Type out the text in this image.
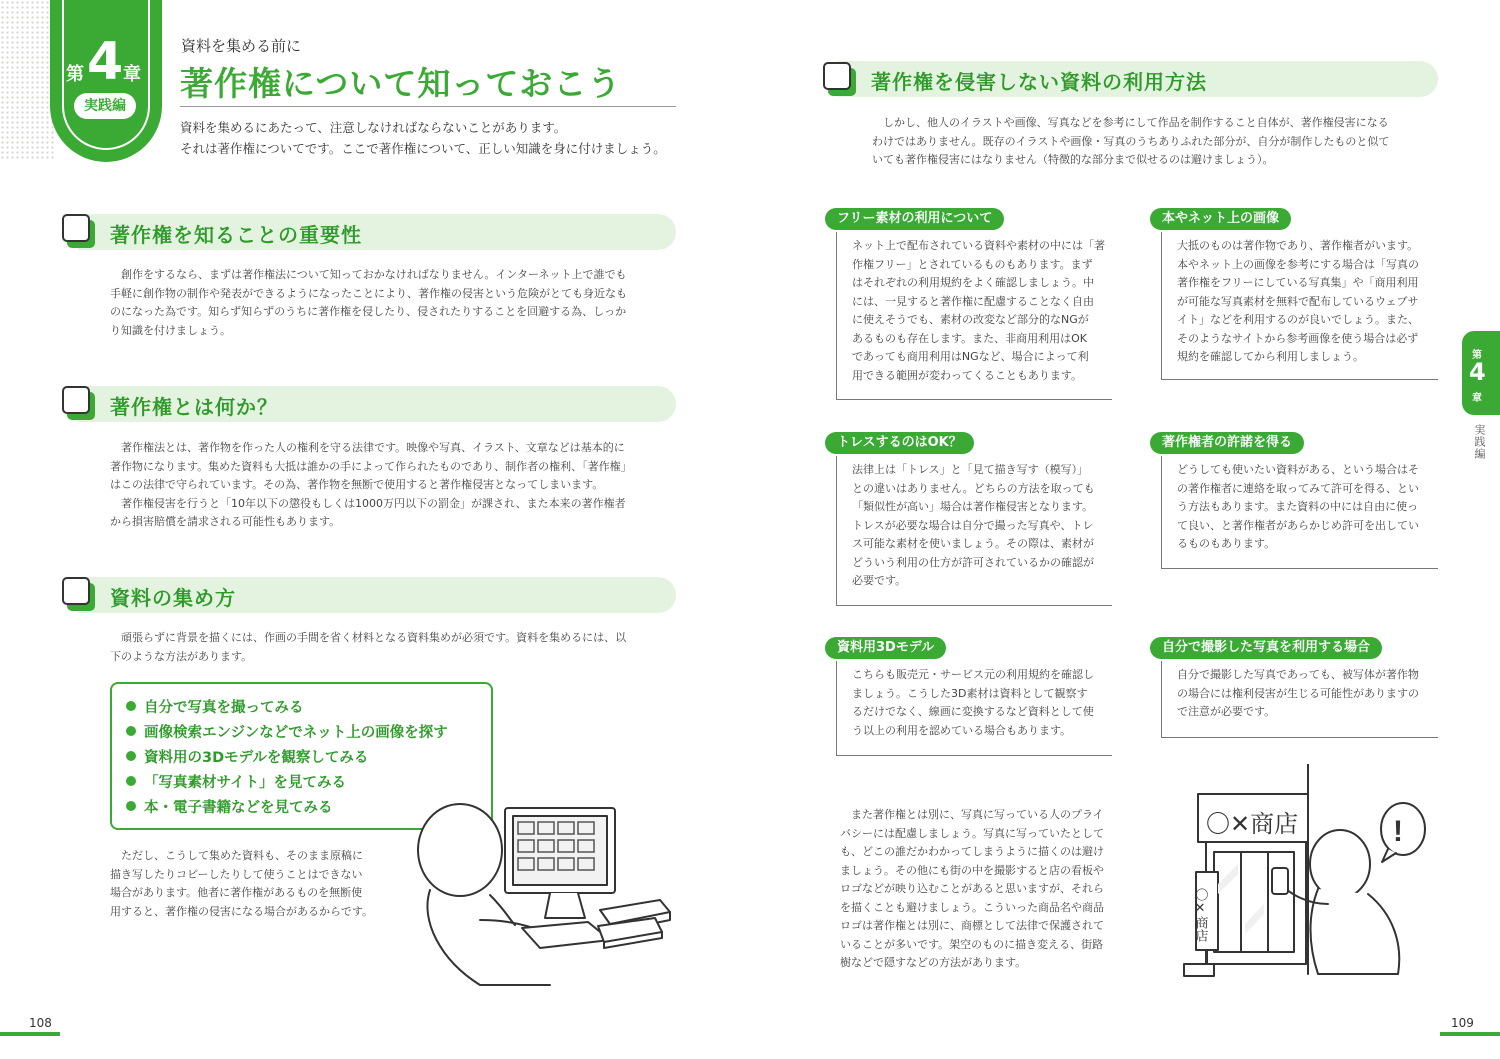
第 4 章
実践編
資料を集める前に
著作権について知っておこう
資料を集めるにあたって、注意しなければならないことがあります。
それは著作権についてです。ここで著作権について、正しい知識を身に付けましょう。
著作権を知ることの重要性
　創作をするなら、まずは著作権法について知っておかなければなりません。インターネット上で誰でも
手軽に創作物の制作や発表ができるようになったことにより、著作権の侵害という危険がとても身近なも
のになった為です。知らず知らずのうちに著作権を侵したり、侵されたりすることを回避する為、しっか
り知識を付けましょう。
著作権とは何か？
　著作権法とは、著作物を作った人の権利を守る法律です。映像や写真、イラスト、文章などは基本的に
著作物になります。集めた資料も大抵は誰かの手によって作られたものであり、制作者の権利、「著作権」
はこの法律で守られています。その為、著作物を無断で使用すると著作権侵害となってしまいます。
　著作権侵害を行うと「10年以下の懲役もしくは1000万円以下の罰金」が課され、また本来の著作権者
から損害賠償を請求される可能性もあります。
資料の集め方
　頑張らずに背景を描くには、作画の手間を省く材料となる資料集めが必須です。資料を集めるには、以
下のような方法があります。
自分で写真を撮ってみる
画像検索エンジンなどでネット上の画像を探す
資料用の3Dモデルを観察してみる
「写真素材サイト」を見てみる
本・電子書籍などを見てみる
　ただし、こうして集めた資料も、そのまま原稿に
描き写したりコピーしたりして使うことはできない
場合があります。他者に著作権があるものを無断使
用すると、著作権の侵害になる場合があるからです。
108
著作権を侵害しない資料の利用方法
　しかし、他人のイラストや画像、写真などを参考にして作品を制作すること自体が、著作権侵害になる
わけではありません。既存のイラストや画像・写真のうちありふれた部分が、自分が制作したものと似て
いても著作権侵害にはなりません（特徴的な部分まで似せるのは避けましょう）。
フリー素材の利用について
ネット上で配布されている資料や素材の中には「著
作権フリー」とされているものもあります。まず
はそれぞれの利用規約をよく確認しましょう。中
には、一見すると著作権に配慮することなく自由
に使えそうでも、素材の改変など部分的なNGが
あるものも存在します。また、非商用利用はOK
であっても商用利用はNGなど、場合によって利
用できる範囲が変わってくることもあります。
本やネット上の画像
大抵のものは著作物であり、著作権者がいます。
本やネット上の画像を参考にする場合は「写真の
著作権をフリーにしている写真集」や「商用利用
が可能な写真素材を無料で配布しているウェブサ
イト」などを利用するのが良いでしょう。また、
そのようなサイトから参考画像を使う場合は必ず
規約を確認してから利用しましょう。
トレスするのはOK？
法律上は「トレス」と「見て描き写す（模写）」
との違いはありません。どちらの方法を取っても
「類似性が高い」場合は著作権侵害となります。
トレスが必要な場合は自分で撮った写真や、トレ
ス可能な素材を使いましょう。その際は、素材が
どういう利用の仕方が許可されているかの確認が
必要です。
著作権者の許諾を得る
どうしても使いたい資料がある、という場合はそ
の著作権者に連絡を取ってみて許可を得る、とい
う方法もあります。また資料の中には自由に使っ
て良い、と著作権者があらかじめ許可を出してい
るものもあります。
資料用3Dモデル
こちらも販売元・サービス元の利用規約を確認し
ましょう。こうした3D素材は資料として観察す
るだけでなく、線画に変換するなど資料として使
う以上の利用を認めている場合もあります。
自分で撮影した写真を利用する場合
自分で撮影した写真であっても、被写体が著作物
の場合には権利侵害が生じる可能性がありますの
で注意が必要です。
　また著作権とは別に、写真に写っている人のプライ
バシーには配慮しましょう。写真に写っていたとして
も、どこの誰だかわかってしまうように描くのは避け
ましょう。その他にも街の中を撮影すると店の看板や
ロゴなどが映り込むことがあると思いますが、それら
を描くことも避けましょう。こういった商品名や商品
ロゴは著作権とは別に、商標として法律で保護されて
いることが多いです。架空のものに描き変える、街路
樹などで隠すなどの方法があります。
〇✕商店	!
〇✕商店
第
4
章
実践編
109
